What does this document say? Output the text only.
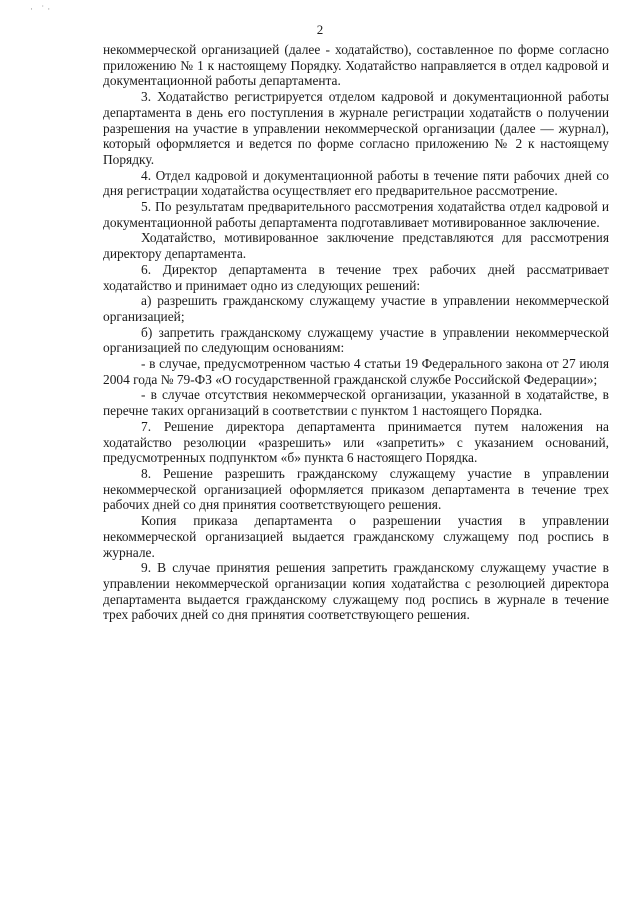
· ˙·
2

некоммерческой организацией (далее - ходатайство), составленное по форме согласно приложению № 1 к настоящему Порядку. Ходатайство направляется в отдел кадровой и документационной работы департамента.

3. Ходатайство регистрируется отделом кадровой и документационной работы департамента в день его поступления в журнале регистрации ходатайств о получении разрешения на участие в управлении некоммерческой организации (далее — журнал), который оформляется и ведется по форме согласно приложению № 2 к настоящему Порядку.

4. Отдел кадровой и документационной работы в течение пяти рабочих дней со дня регистрации ходатайства осуществляет его предварительное рассмотрение.

5. По результатам предварительного рассмотрения ходатайства отдел кадровой и документационной работы департамента подготавливает мотивированное заключение.

Ходатайство, мотивированное заключение представляются для рассмотрения директору департамента.

6. Директор департамента в течение трех рабочих дней рассматривает ходатайство и принимает одно из следующих решений:

а) разрешить гражданскому служащему участие в управлении некоммерческой организацией;

б) запретить гражданскому служащему участие в управлении некоммерческой организацией по следующим основаниям:

- в случае, предусмотренном частью 4 статьи 19 Федерального закона от 27 июля 2004 года № 79-ФЗ «О государственной гражданской службе Российской Федерации»;

- в случае отсутствия некоммерческой организации, указанной в ходатайстве, в перечне таких организаций в соответствии с пунктом 1 настоящего Порядка.

7. Решение директора департамента принимается путем наложения на ходатайство резолюции «разрешить» или «запретить» с указанием оснований, предусмотренных подпунктом «б» пункта 6 настоящего Порядка.

8. Решение разрешить гражданскому служащему участие в управлении некоммерческой организацией оформляется приказом департамента в течение трех рабочих дней со дня принятия соответствующего решения.

Копия приказа департамента о разрешении участия в управлении некоммерческой организацией выдается гражданскому служащему под роспись в журнале.

9. В случае принятия решения запретить гражданскому служащему участие в управлении некоммерческой организации копия ходатайства с резолюцией директора департамента выдается гражданскому служащему под роспись в журнале в течение трех рабочих дней со дня принятия соответствующего решения.
